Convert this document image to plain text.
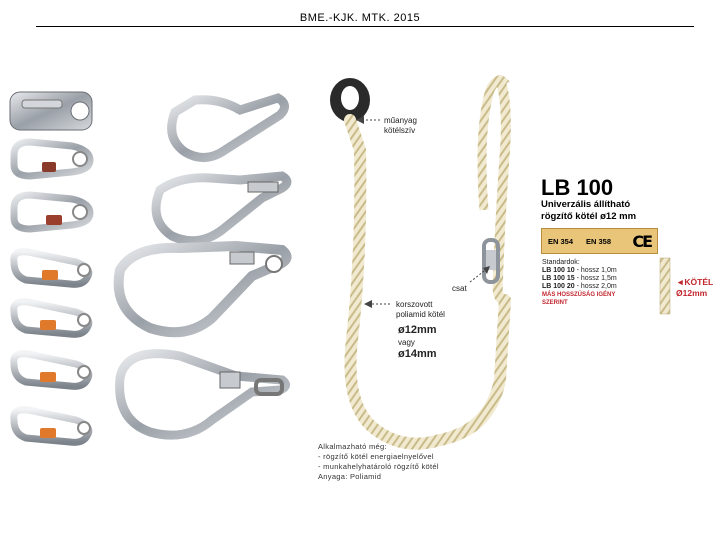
BME.-KJK. MTK. 2015
műanyag
kötélszív
csat
korszovott
poliamid kötél
ø12mm
vagy
ø14mm
LB 100
Univerzális állítható
rögzítő kötél ø12 mm
EN 354 EN 358 CE
Standardok:
LB 100 10 - hossz 1,0m
LB 100 15 - hossz 1,5m
LB 100 20 - hossz 2,0m
MÁS HOSSZÚSÁG IGÉNY
SZERINT
◄KÖTÉL
Ø12mm
Alkalmazható még:
- rögzítő kötél energiaelnyelővel
- munkahelyhatároló rögzítő kötél
Anyaga: Poliamid
